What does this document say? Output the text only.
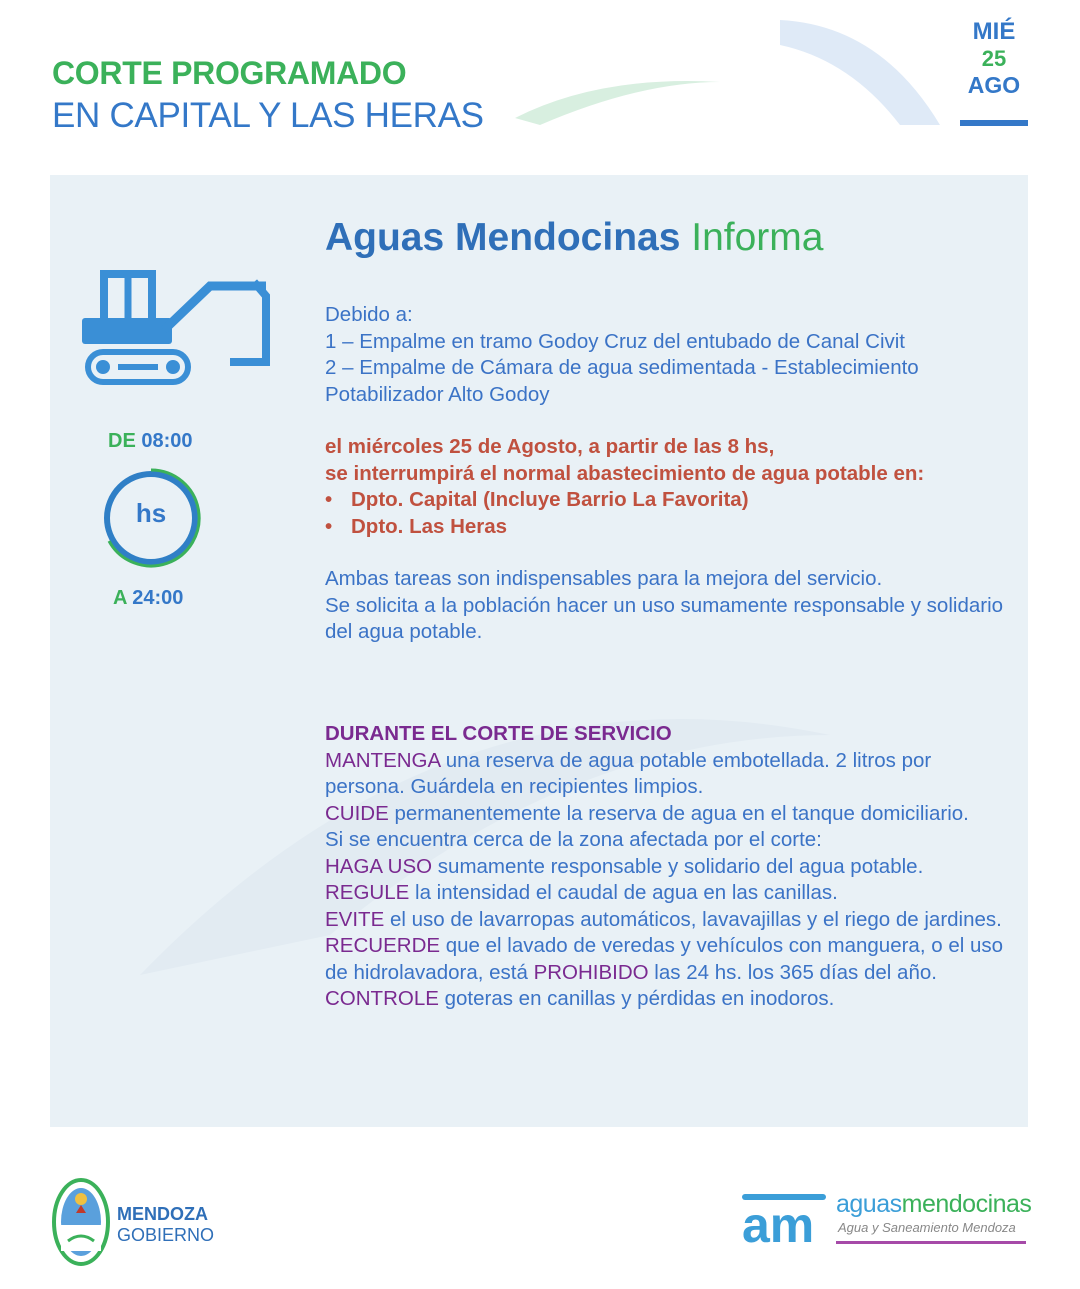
CORTE PROGRAMADO
EN CAPITAL Y LAS HERAS
MIÉ
25
AGO
Aguas Mendocinas Informa
DE 08:00
hs
A 24:00

Debido a:

1 – Empalme en tramo Godoy Cruz del entubado de Canal Civit

2 – Empalme de Cámara de agua sedimentada - Establecimiento Potabilizador Alto Godoy

el miércoles 25 de Agosto, a partir de las 8 hs,

se interrumpirá el normal abastecimiento de agua potable en:

• Dpto. Capital (Incluye Barrio La Favorita)

• Dpto. Las Heras

Ambas tareas son indispensables para la mejora del servicio.

Se solicita a la población hacer un uso sumamente responsable y solidario del agua potable.

DURANTE EL CORTE DE SERVICIO

MANTENGA una reserva de agua potable embotellada. 2 litros por persona. Guárdela en recipientes limpios.

CUIDE permanentemente la reserva de agua en el tanque domiciliario.

Si se encuentra cerca de la zona afectada por el corte:

HAGA USO sumamente responsable y solidario del agua potable.

REGULE la intensidad el caudal de agua en las canillas.

EVITE el uso de lavarropas automáticos, lavavajillas y el riego de jardines.

RECUERDE que el lavado de veredas y vehículos con manguera, o el uso de hidrolavadora, está PROHIBIDO las 24 hs. los 365 días del año.

CONTROLE goteras en canillas y pérdidas en inodoros.

MENDOZA
GOBIERNO	am aguasmendocinas
Agua y Saneamiento Mendoza
